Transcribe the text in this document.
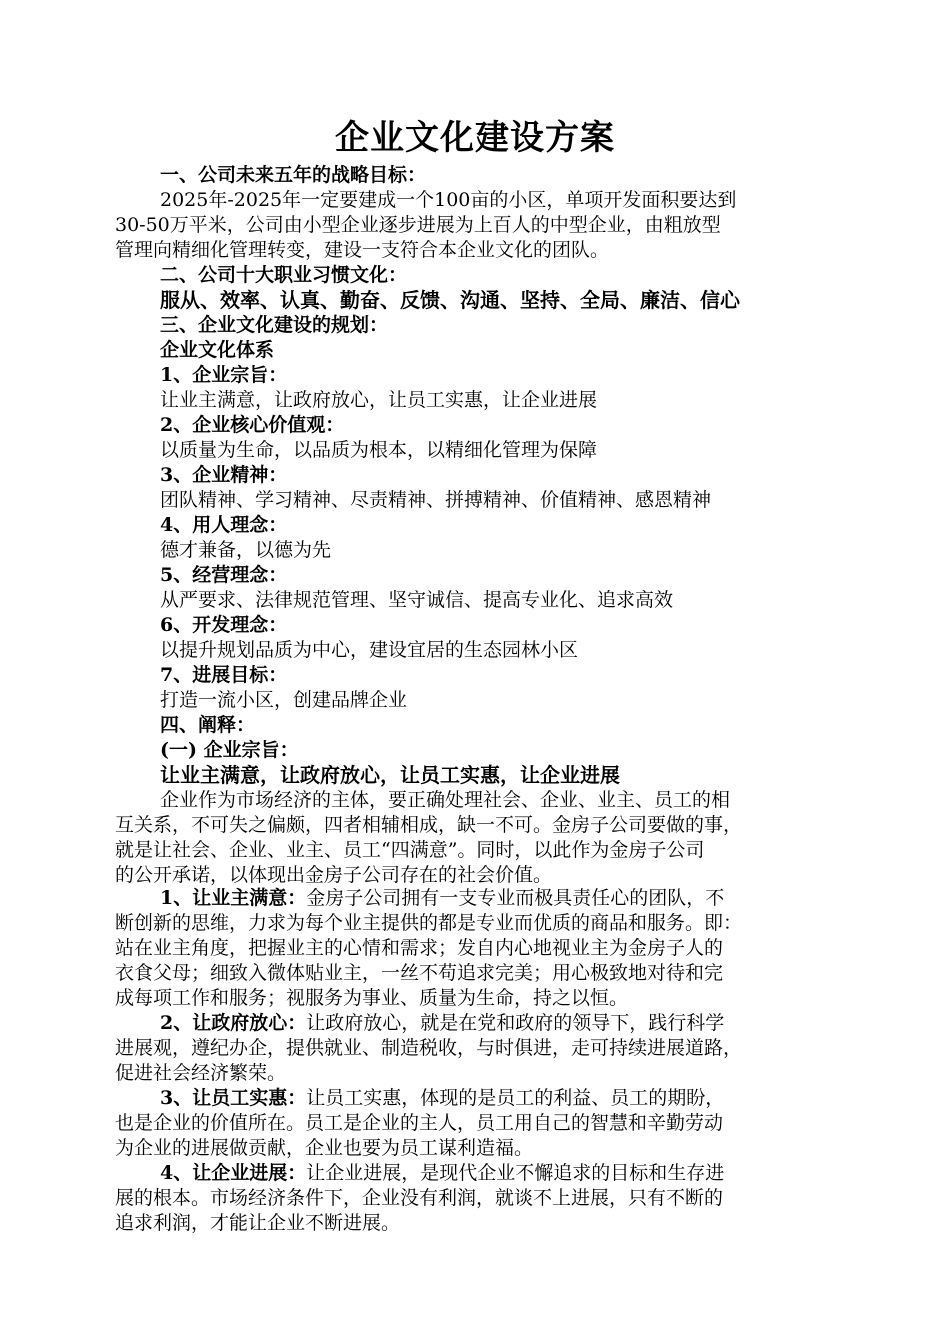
企业文化建设方案
一、公司未来五年的战略目标：
2025年-2025年一定要建成一个100亩的小区，单项开发面积要达到
30-50万平米，公司由小型企业逐步进展为上百人的中型企业，由粗放型
管理向精细化管理转变，建设一支符合本企业文化的团队。
二、公司十大职业习惯文化：
服从、效率、认真、勤奋、反馈、沟通、坚持、全局、廉洁、信心
三、企业文化建设的规划：
企业文化体系
1、企业宗旨：
让业主满意，让政府放心，让员工实惠，让企业进展
2、企业核心价值观：
以质量为生命，以品质为根本，以精细化管理为保障
3、企业精神：
团队精神、学习精神、尽责精神、拼搏精神、价值精神、感恩精神
4、用人理念：
德才兼备，以德为先
5、经营理念：
从严要求、法律规范管理、坚守诚信、提高专业化、追求高效
6、开发理念：
以提升规划品质为中心，建设宜居的生态园林小区
7、进展目标：
打造一流小区，创建品牌企业
四、阐释：
(一) 企业宗旨：
让业主满意，让政府放心，让员工实惠，让企业进展
企业作为市场经济的主体，要正确处理社会、企业、业主、员工的相
互关系，不可失之偏颇，四者相辅相成，缺一不可。金房子公司要做的事，
就是让社会、企业、业主、员工“四满意”。同时，以此作为金房子公司
的公开承诺，以体现出金房子公司存在的社会价值。
1、让业主满意：金房子公司拥有一支专业而极具责任心的团队，不
断创新的思维，力求为每个业主提供的都是专业而优质的商品和服务。即：
站在业主角度，把握业主的心情和需求；发自内心地视业主为金房子人的
衣食父母；细致入微体贴业主，一丝不苟追求完美；用心极致地对待和完
成每项工作和服务；视服务为事业、质量为生命，持之以恒。
2、让政府放心：让政府放心，就是在党和政府的领导下，践行科学
进展观，遵纪办企，提供就业、制造税收，与时俱进，走可持续进展道路，
促进社会经济繁荣。
3、让员工实惠：让员工实惠，体现的是员工的利益、员工的期盼，
也是企业的价值所在。员工是企业的主人，员工用自己的智慧和辛勤劳动
为企业的进展做贡献，企业也要为员工谋利造福。
4、让企业进展：让企业进展，是现代企业不懈追求的目标和生存进
展的根本。市场经济条件下，企业没有利润，就谈不上进展，只有不断的
追求利润，才能让企业不断进展。
